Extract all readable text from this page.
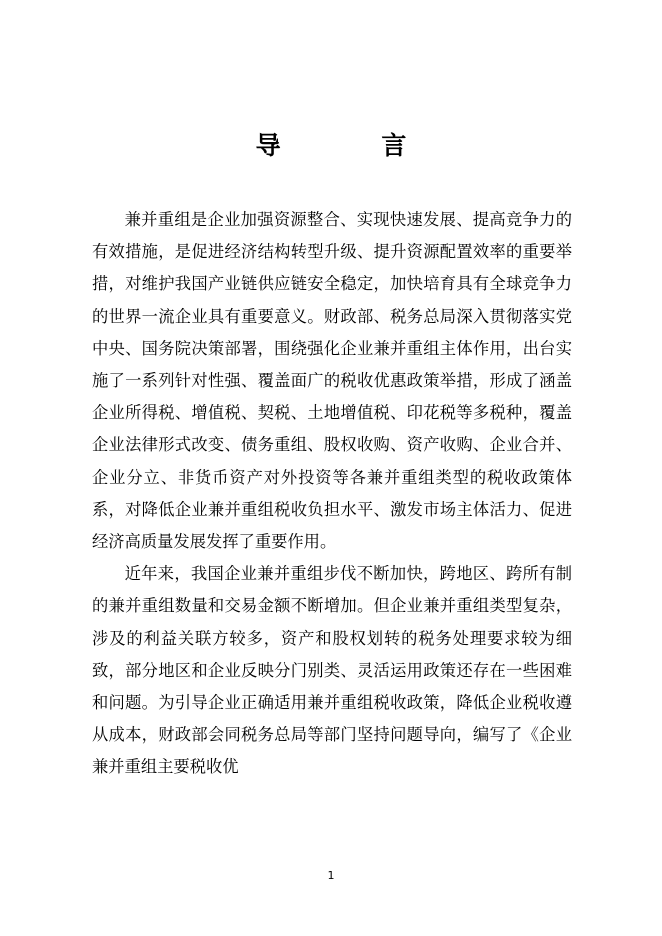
导 言

兼并重组是企业加强资源整合、实现快速发展、提高竞争力的有效措施，是促进经济结构转型升级、提升资源配置效率的重要举措，对维护我国产业链供应链安全稳定，加快培育具有全球竞争力的世界一流企业具有重要意义。财政部、税务总局深入贯彻落实党中央、国务院决策部署，围绕强化企业兼并重组主体作用，出台实施了一系列针对性强、覆盖面广的税收优惠政策举措，形成了涵盖企业所得税、增值税、契税、土地增值税、印花税等多税种，覆盖企业法律形式改变、债务重组、股权收购、资产收购、企业合并、企业分立、非货币资产对外投资等各兼并重组类型的税收政策体系，对降低企业兼并重组税收负担水平、激发市场主体活力、促进经济高质量发展发挥了重要作用。

近年来，我国企业兼并重组步伐不断加快，跨地区、跨所有制的兼并重组数量和交易金额不断增加。但企业兼并重组类型复杂，涉及的利益关联方较多，资产和股权划转的税务处理要求较为细致，部分地区和企业反映分门别类、灵活运用政策还存在一些困难和问题。为引导企业正确适用兼并重组税收政策，降低企业税收遵从成本，财政部会同税务总局等部门坚持问题导向，编写了《企业兼并重组主要税收优

1
